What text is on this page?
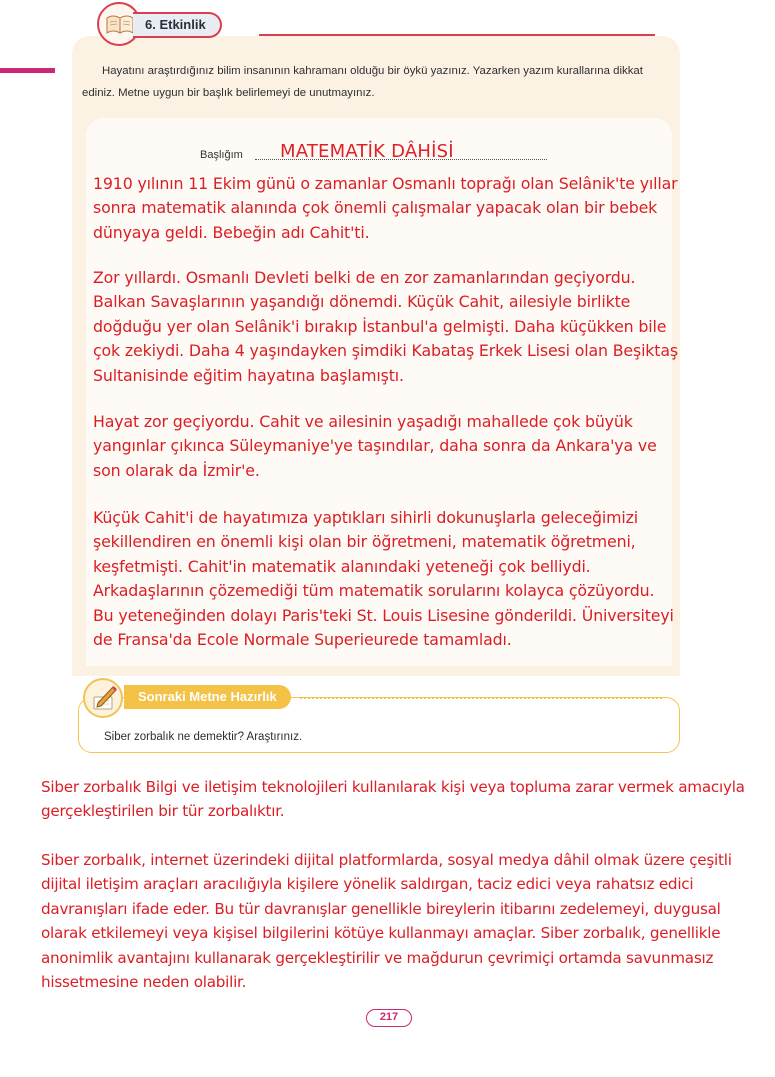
6. Etkinlik

Hayatını araştırdığınız bilim insanının kahramanı olduğu bir öykü yazınız. Yazarken yazım kurallarına dikkat ediniz. Metne uygun bir başlık belirlemeyi de unutmayınız.

Başlığım MATEMATİK DÂHİSİ

1910 yılının 11 Ekim günü o zamanlar Osmanlı toprağı olan Selânik'te yıllar sonra matematik alanında çok önemli çalışmalar yapacak olan bir bebek dünyaya geldi. Bebeğin adı Cahit'ti.

Zor yıllardı. Osmanlı Devleti belki de en zor zamanlarından geçiyordu. Balkan Savaşlarının yaşandığı dönemdi. Küçük Cahit, ailesiyle birlikte doğduğu yer olan Selânik'i bırakıp İstanbul'a gelmişti. Daha küçükken bile çok zekiydi. Daha 4 yaşındayken şimdiki Kabataş Erkek Lisesi olan Beşiktaş Sultanisinde eğitim hayatına başlamıştı.

Hayat zor geçiyordu. Cahit ve ailesinin yaşadığı mahallede çok büyük yangınlar çıkınca Süleymaniye'ye taşındılar, daha sonra da Ankara'ya ve son olarak da İzmir'e.

Küçük Cahit'i de hayatımıza yaptıkları sihirli dokunuşlarla geleceğimizi şekillendiren en önemli kişi olan bir öğretmeni, matematik öğretmeni, keşfetmişti. Cahit'in matematik alanındaki yeteneği çok belliydi. Arkadaşlarının çözemediği tüm matematik sorularını kolayca çözüyordu. Bu yeteneğinden dolayı Paris'teki St. Louis Lisesine gönderildi. Üniversiteyi de Fransa'da Ecole Normale Superieurede tamamladı.

Sonraki Metne Hazırlık
Siber zorbalık ne demektir? Araştırınız.

Siber zorbalık Bilgi ve iletişim teknolojileri kullanılarak kişi veya topluma zarar vermek amacıyla gerçekleştirilen bir tür zorbalıktır.

Siber zorbalık, internet üzerindeki dijital platformlarda, sosyal medya dâhil olmak üzere çeşitli dijital iletişim araçları aracılığıyla kişilere yönelik saldırgan, taciz edici veya rahatsız edici davranışları ifade eder. Bu tür davranışlar genellikle bireylerin itibarını zedelemeyi, duygusal olarak etkilemeyi veya kişisel bilgilerini kötüye kullanmayı amaçlar. Siber zorbalık, genellikle anonimlik avantajını kullanarak gerçekleştirilir ve mağdurun çevrimiçi ortamda savunmasız hissetmesine neden olabilir.

217
